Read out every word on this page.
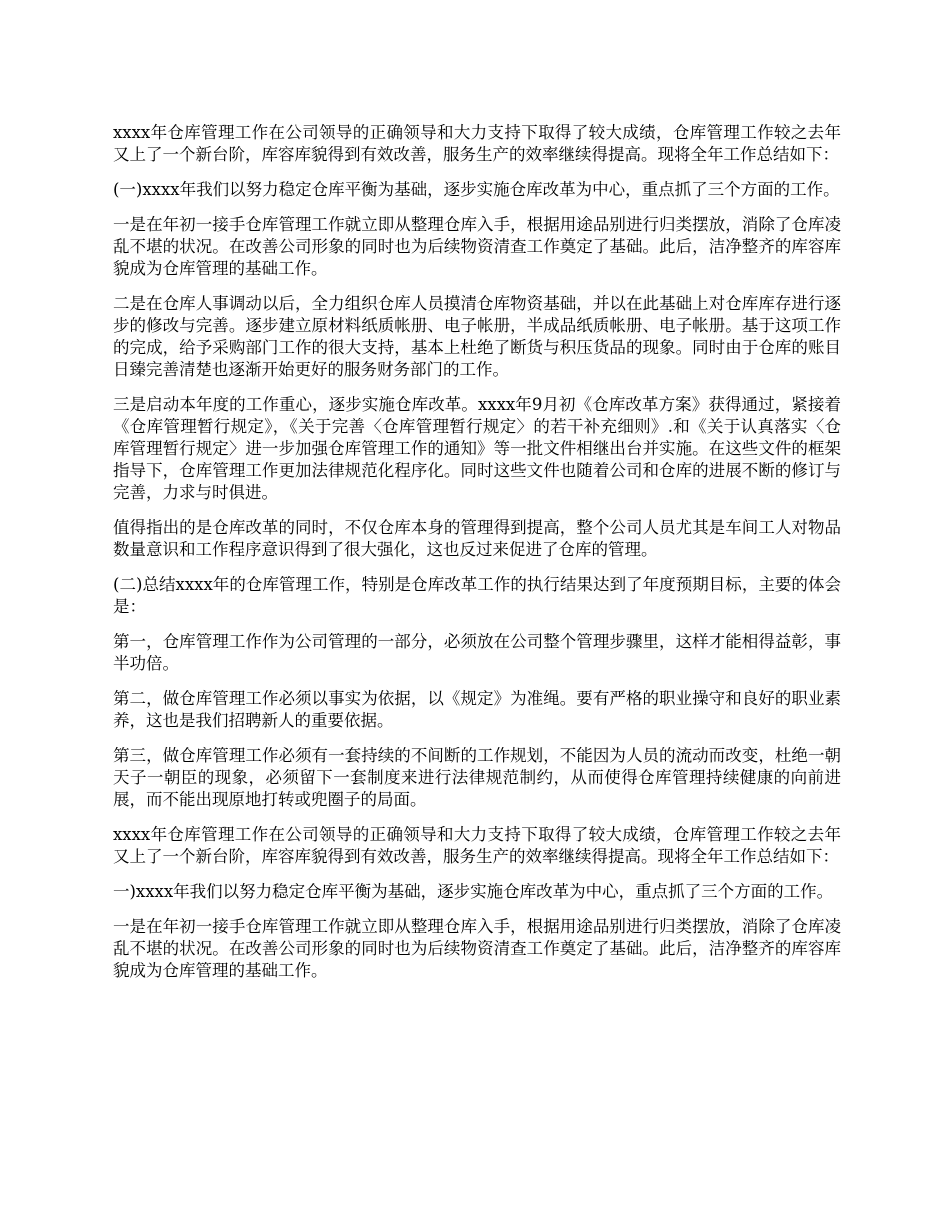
xxxx年仓库管理工作在公司领导的正确领导和大力支持下取得了较大成绩，仓库管理工作较之去年又上了一个新台阶，库容库貌得到有效改善，服务生产的效率继续得提高。现将全年工作总结如下：

(一)xxxx年我们以努力稳定仓库平衡为基础，逐步实施仓库改革为中心，重点抓了三个方面的工作。

一是在年初一接手仓库管理工作就立即从整理仓库入手，根据用途品别进行归类摆放，消除了仓库凌乱不堪的状况。在改善公司形象的同时也为后续物资清查工作奠定了基础。此后，洁净整齐的库容库貌成为仓库管理的基础工作。

二是在仓库人事调动以后，全力组织仓库人员摸清仓库物资基础，并以在此基础上对仓库库存进行逐步的修改与完善。逐步建立原材料纸质帐册、电子帐册，半成品纸质帐册、电子帐册。基于这项工作的完成，给予采购部门工作的很大支持，基本上杜绝了断货与积压货品的现象。同时由于仓库的账目日臻完善清楚也逐渐开始更好的服务财务部门的工作。

三是启动本年度的工作重心，逐步实施仓库改革。xxxx年9月初《仓库改革方案》获得通过，紧接着《仓库管理暂行规定》，《关于完善〈仓库管理暂行规定〉的若干补充细则》.和《关于认真落实〈仓库管理暂行规定〉进一步加强仓库管理工作的通知》等一批文件相继出台并实施。在这些文件的框架指导下，仓库管理工作更加法律规范化程序化。同时这些文件也随着公司和仓库的进展不断的修订与完善，力求与时俱进。

值得指出的是仓库改革的同时，不仅仓库本身的管理得到提高，整个公司人员尤其是车间工人对物品数量意识和工作程序意识得到了很大强化，这也反过来促进了仓库的管理。

(二)总结xxxx年的仓库管理工作，特别是仓库改革工作的执行结果达到了年度预期目标，主要的体会是：

第一，仓库管理工作作为公司管理的一部分，必须放在公司整个管理步骤里，这样才能相得益彰，事半功倍。

第二，做仓库管理工作必须以事实为依据，以《规定》为准绳。要有严格的职业操守和良好的职业素养，这也是我们招聘新人的重要依据。

第三，做仓库管理工作必须有一套持续的不间断的工作规划，不能因为人员的流动而改变，杜绝一朝天子一朝臣的现象，必须留下一套制度来进行法律规范制约，从而使得仓库管理持续健康的向前进展，而不能出现原地打转或兜圈子的局面。

xxxx年仓库管理工作在公司领导的正确领导和大力支持下取得了较大成绩，仓库管理工作较之去年又上了一个新台阶，库容库貌得到有效改善，服务生产的效率继续得提高。现将全年工作总结如下：

一)xxxx年我们以努力稳定仓库平衡为基础，逐步实施仓库改革为中心，重点抓了三个方面的工作。

一是在年初一接手仓库管理工作就立即从整理仓库入手，根据用途品别进行归类摆放，消除了仓库凌乱不堪的状况。在改善公司形象的同时也为后续物资清查工作奠定了基础。此后，洁净整齐的库容库貌成为仓库管理的基础工作。
